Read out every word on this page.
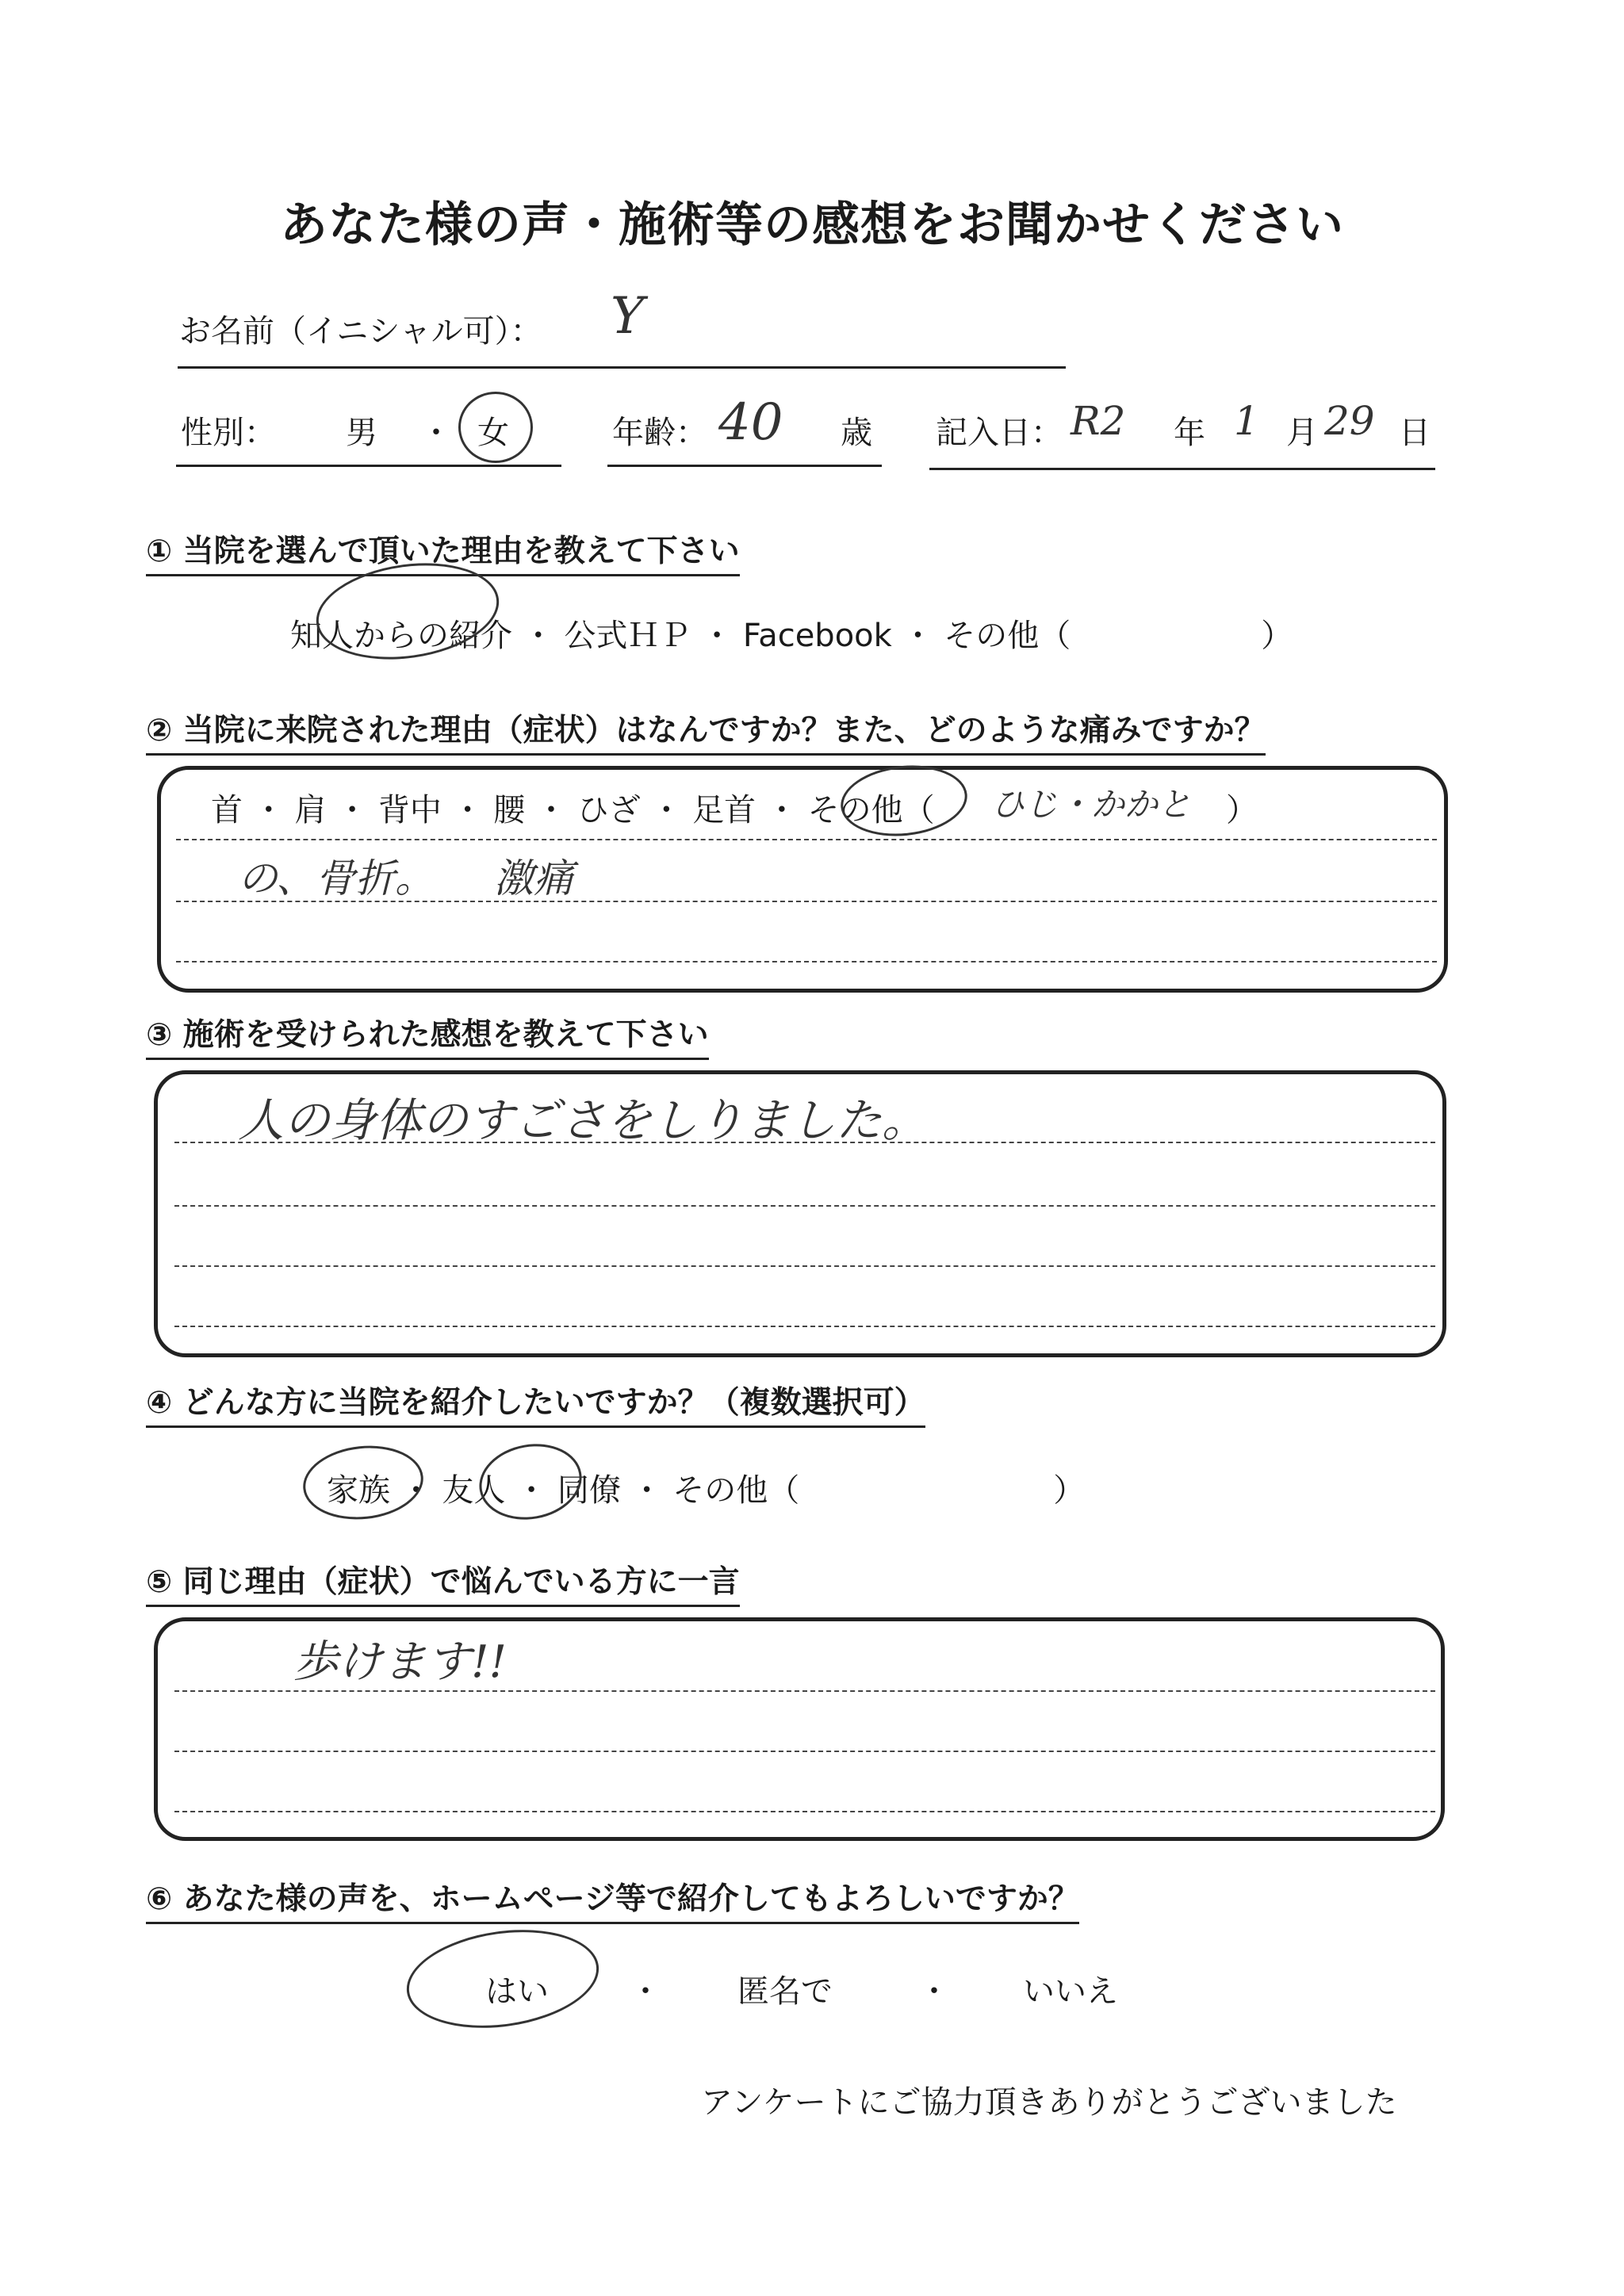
あなた様の声・施術等の感想をお聞かせください
お名前（イニシャル可）： Y
性別： 男 ・ 女	年齢： 40 歳 記入日： R2 年 1 月 29 日
① 当院を選んで頂いた理由を教えて下さい
知人からの紹介 ・ 公式ＨＰ ・ Facebook ・ その他（　　　　　　）
② 当院に来院された理由（症状）はなんですか？また、どのような痛みですか？
首 ・ 肩 ・ 背中 ・ 腰 ・ ひざ ・ 足首 ・ その他（ ひじ・かかと ）
の、骨折。　　激痛
③ 施術を受けられた感想を教えて下さい
人の身体のすごさをしりました。
④ どんな方に当院を紹介したいですか？（複数選択可）
家族 ・ 友人 ・ 同僚 ・ その他（　　　　　　　　）
⑤ 同じ理由（症状）で悩んでいる方に一言
歩けます!!
⑥ あなた様の声を、ホームページ等で紹介してもよろしいですか？
はい	・ 匿名で	・ いいえ
アンケートにご協力頂きありがとうございました
